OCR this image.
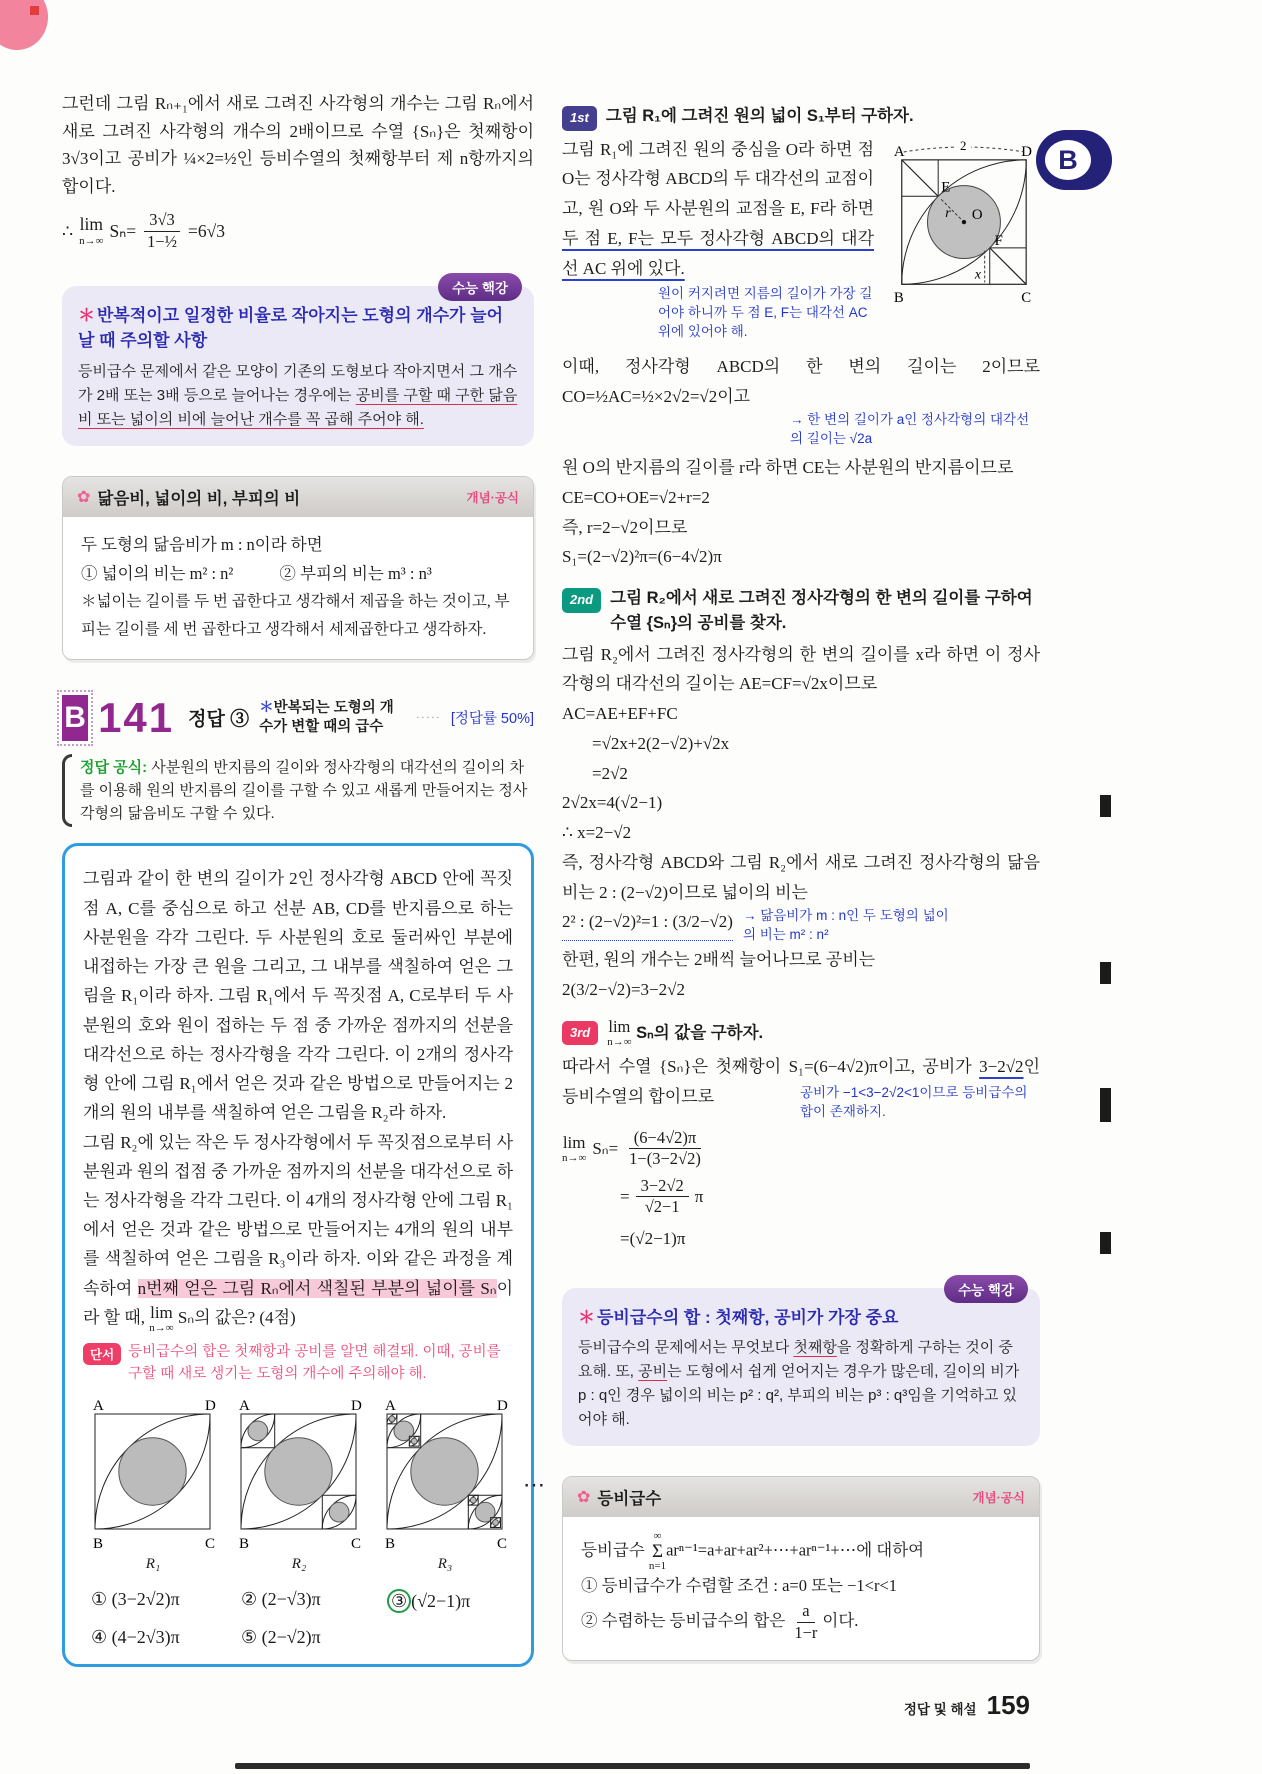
B

그런데 그림 Rₙ₊₁에서 새로 그려진 사각형의 개수는 그림 Rₙ에서 새로 그려진 사각형의 개수의 2배이므로 수열 {Sₙ}은 첫째항이 3√3이고 공비가 ¼×2=½인 등비수열의 첫째항부터 제 n항까지의 합이다.

∴ lim
n→∞ $S_n= \frac{3√3}{\text{1−½}} =6√3$
수능 핵강
＊ 반복적이고 일정한 비율로 작아지는 도형의 개수가 늘어날 때 주의할 사항
등비급수 문제에서 같은 모양이 기존의 도형보다 작아지면서 그 개수가 2배 또는 3배 등으로 늘어나는 경우에는 공비를 구할 때 구한 닮음비 또는 넓이의 비에 늘어난 개수를 꼭 곱해 주어야 해.
✿ 닮음비, 넓이의 비, 부피의 비	개념·공식
두 도형의 닮음비가 m : n이라 하면
① 넓이의 비는 m² : n²	② 부피의 비는 m³ : n³
＊넓이는 길이를 두 번 곱한다고 생각해서 제곱을 하는 것이고, 부피는 길이를 세 번 곱한다고 생각해서 세제곱한다고 생각하자.
B 141 정답 ③
＊반복되는 도형의 개수가 변할 때의 급수
····· [정답률 50%]
정답 공식: 사분원의 반지름의 길이와 정사각형의 대각선의 길이의 차를 이용해 원의 반지름의 길이를 구할 수 있고 새롭게 만들어지는 정사각형의 닮음비도 구할 수 있다.

그림과 같이 한 변의 길이가 2인 정사각형 ABCD 안에 꼭짓점 A, C를 중심으로 하고 선분 AB, CD를 반지름으로 하는 사분원을 각각 그린다. 두 사분원의 호로 둘러싸인 부분에 내접하는 가장 큰 원을 그리고, 그 내부를 색칠하여 얻은 그림을 R₁이라 하자. 그림 R₁에서 두 꼭짓점 A, C로부터 두 사분원의 호와 원이 접하는 두 점 중 가까운 점까지의 선분을 대각선으로 하는 정사각형을 각각 그린다. 이 2개의 정사각형 안에 그림 R₁에서 얻은 것과 같은 방법으로 만들어지는 2개의 원의 내부를 색칠하여 얻은 그림을 R₂라 하자.

그림 R₂에 있는 작은 두 정사각형에서 두 꼭짓점으로부터 사분원과 원의 접점 중 가까운 점까지의 선분을 대각선으로 하는 정사각형을 각각 그린다. 이 4개의 정사각형 안에 그림 R₁에서 얻은 것과 같은 방법으로 만들어지는 4개의 원의 내부를 색칠하여 얻은 그림을 R₃이라 하자. 이와 같은 과정을 계속하여 n번째 얻은 그림 Rₙ에서 색칠된 부분의 넓이를 Sₙ이라 할 때, lim
n→∞
Sₙ의 값은? (4점)

단서 등비급수의 합은 첫째항과 공비를 알면 해결돼. 이때, 공비를 구할 때 새로 생기는 도형의 개수에 주의해야 해.
A	D
B	C
R₁
A	D
B	C
R₂
A	D
B	C
R₃
⋯
① (3−2√2)π	② (2−√3)π	③ (√2−1)π
④ (4−2√3)π	⑤ (2−√2)π
1st	그림 R₁에 그려진 원의 넓이 S₁부터 구하자.
A	D
B	C
2
O
E
F
r
x
그림 R₁에 그려진 원의 중심을 O라 하면 점 O는 정사각형 ABCD의 두 대각선의 교점이고, 원 O와 두 사분원의 교점을 E, F라 하면 두 점 E, F는 모두 정사각형 ABCD의 대각선 AC 위에 있다.
원이 커지려면 지름의 길이가 가장 길어야 하니까 두 점 E, F는 대각선 AC 위에 있어야 해.
이때, 정사각형 ABCD의 한 변의 길이는 2이므로 CO=½AC=½×2√2=√2이고
→ 한 변의 길이가 a인 정사각형의 대각선의 길이는 √2a
원 O의 반지름의 길이를 r라 하면 CE는 사분원의 반지름이므로
CE=CO+OE=√2+r=2
즉, r=2−√2이므로
S₁=(2−√2)²π=(6−4√2)π
2nd	그림 R₂에서 새로 그려진 정사각형의 한 변의 길이를 구하여 수열 {Sₙ}의 공비를 찾자.
그림 R₂에서 그려진 정사각형의 한 변의 길이를 x라 하면 이 정사각형의 대각선의 길이는 AE=CF=√2x이므로
AC=AE+EF+FC
=√2x+2(2−√2)+√2x
=2√2
2√2x=4(√2−1)
∴ x=2−√2
즉, 정사각형 ABCD와 그림 R₂에서 새로 그려진 정사각형의 닮음비는 2 : (2−√2)이므로 넓이의 비는
2² : (2−√2)²=1 : (3/2−√2) → 닮음비가 m : n인 두 도형의 넓이의 비는 m² : n²
한편, 원의 개수는 2배씩 늘어나므로 공비는
2(3/2−√2)=3−2√2
3rd	lim
n→∞
Sₙ의 값을 구하자.
따라서 수열 {Sₙ}은 첫째항이 S₁=(6−4√2)π이고, 공비가 3−2√2인 등비수열의 합이므로	공비가 −1<3−2√2<1이므로 등비급수의 합이 존재하지.
lim
n→∞ $S_n= \frac{(6-4√2)\pi}{1-(3-2√2)}$
= $\frac{3-2√2}{√2-1}$ π
=(√2−1)π
수능 핵강
＊ 등비급수의 합 : 첫째항, 공비가 가장 중요
등비급수의 문제에서는 무엇보다 첫째항을 정확하게 구하는 것이 중요해. 또, 공비는 도형에서 쉽게 얻어지는 경우가 많은데, 길이의 비가 p : q인 경우 넓이의 비는 p² : q², 부피의 비는 p³ : q³임을 기억하고 있어야 해.
✿ 등비급수	개념·공식
등비급수
∞
Σ
n=1
arⁿ⁻¹=a+ar+ar²+⋯+arⁿ⁻¹+⋯에 대하여
① 등비급수가 수렴할 조건 : a=0 또는 −1<r<1
② 수렴하는 등비급수의 합은 $\frac{a}{1-r}$ 이다.
정답 및 해설 159
